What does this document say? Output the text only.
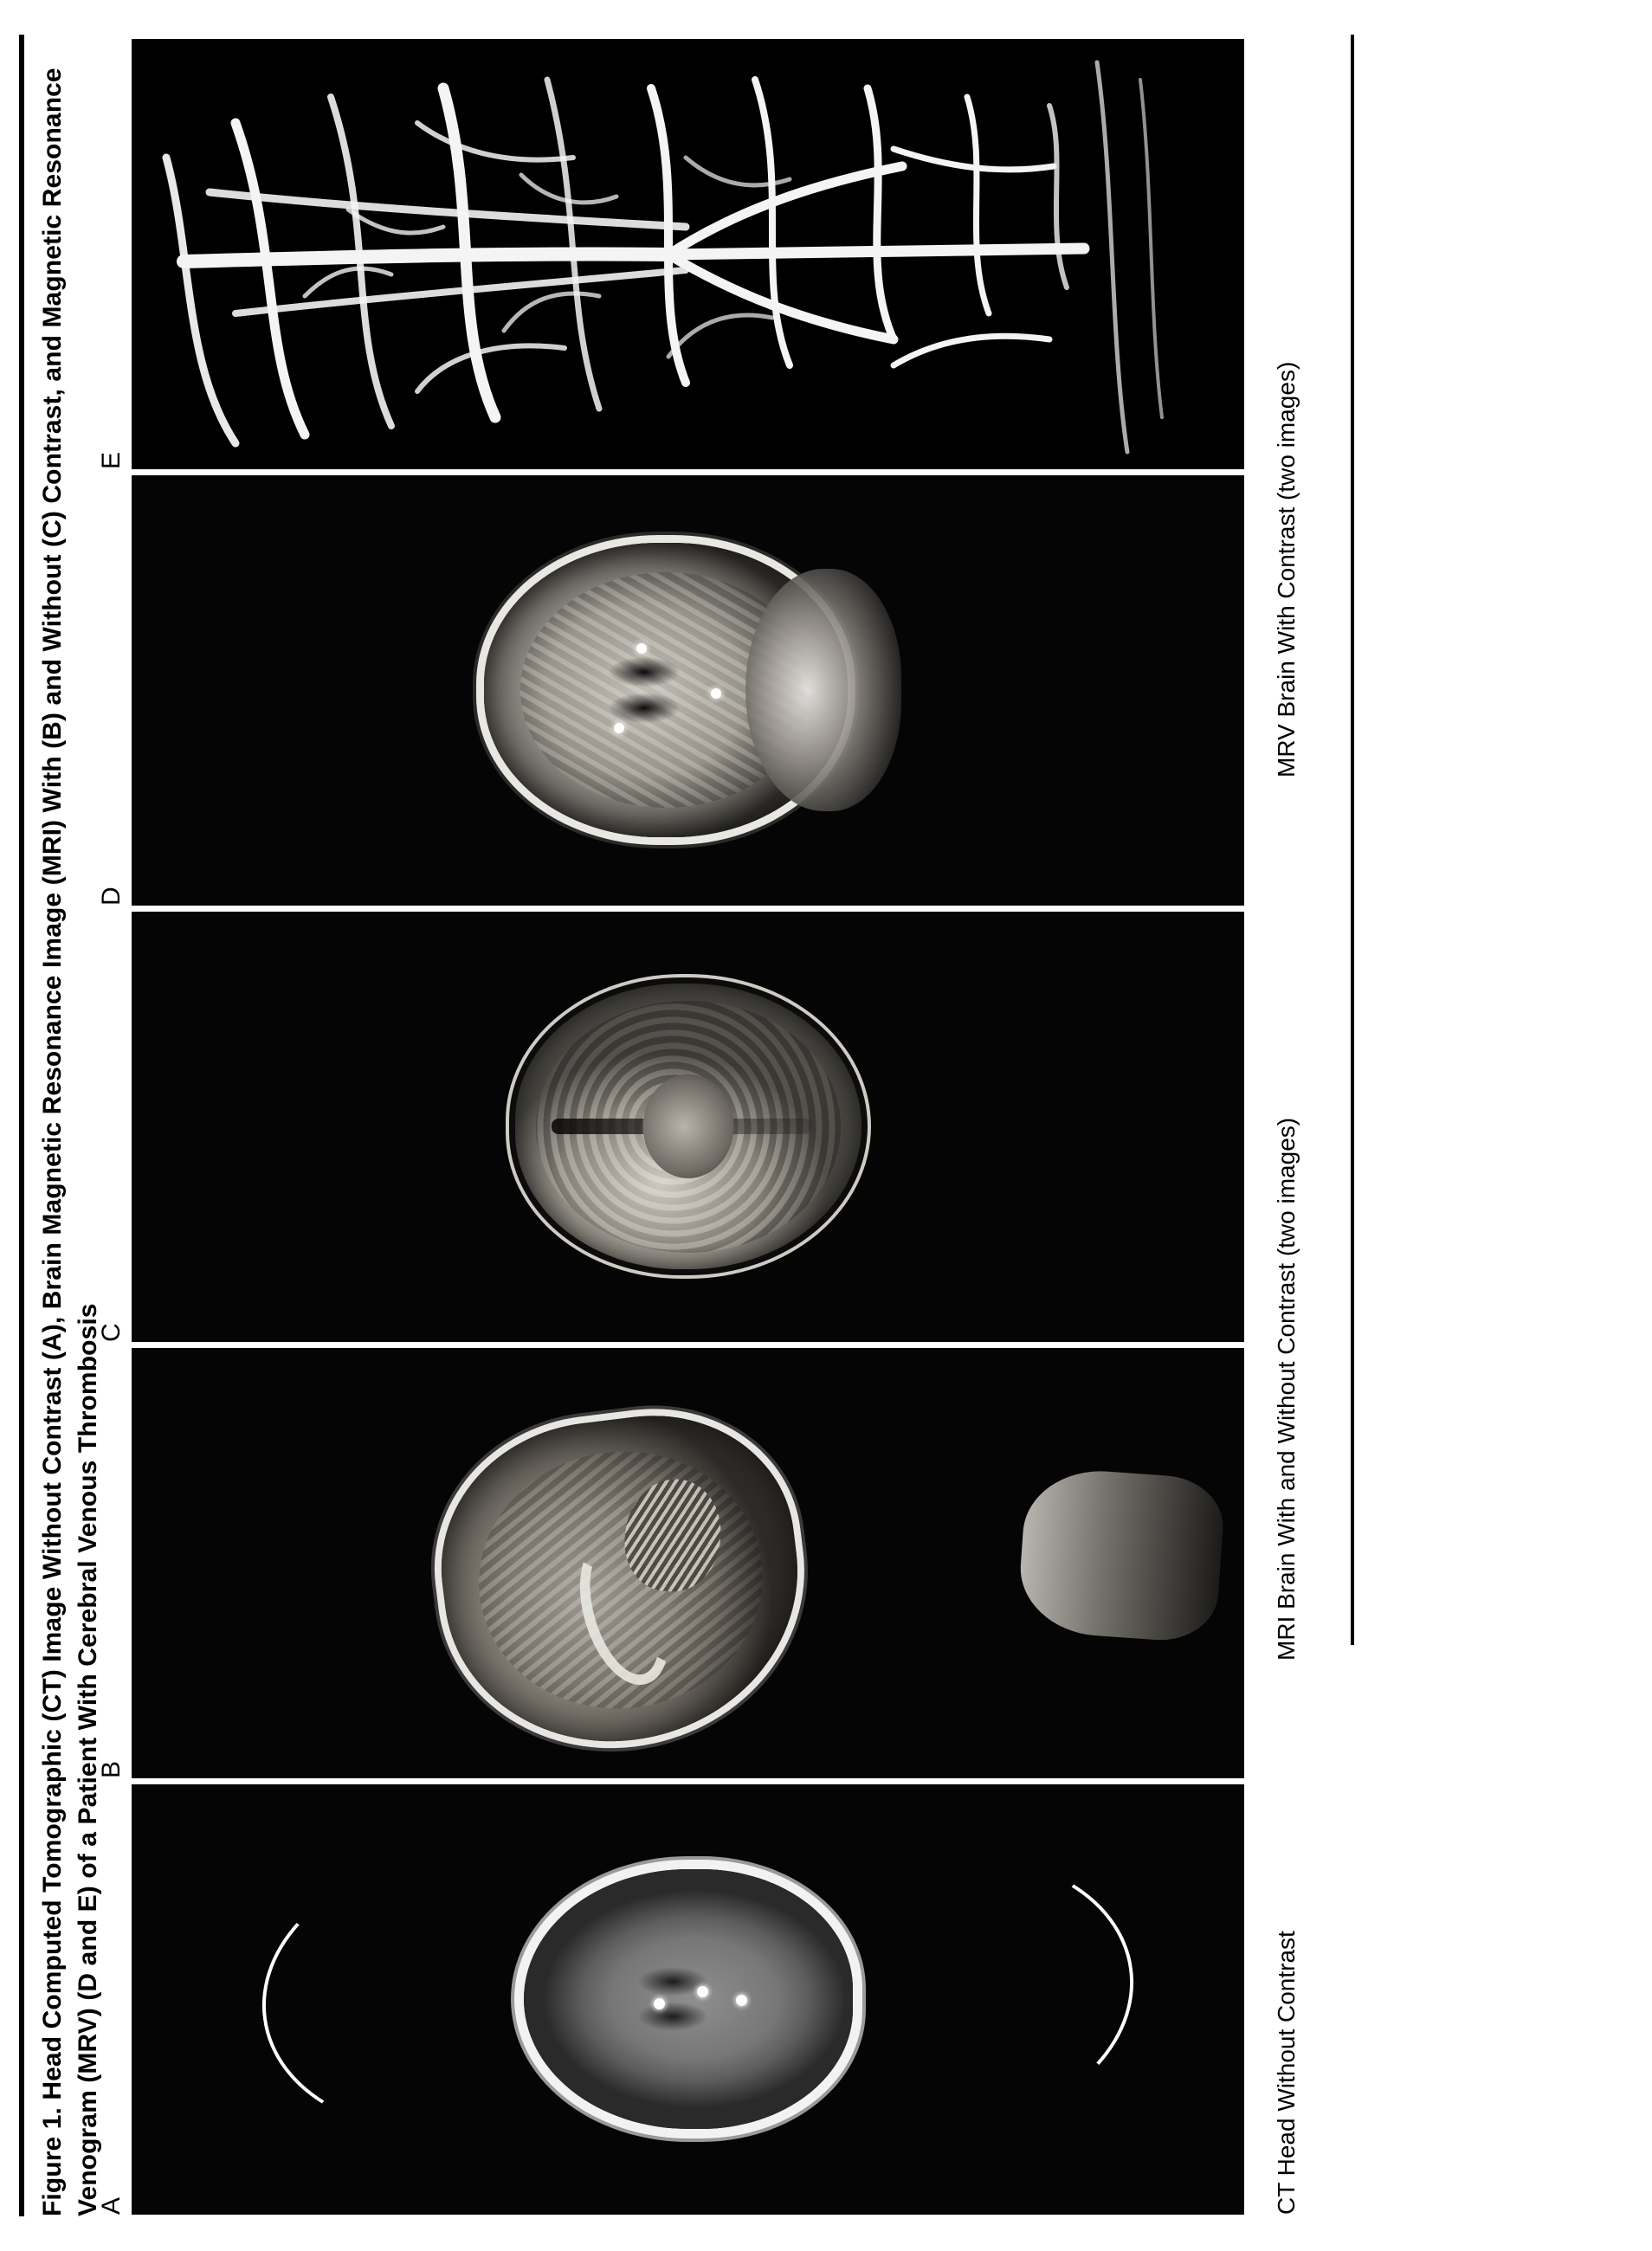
Figure 1. Head Computed Tomographic (CT) Image Without Contrast (A), Brain Magnetic Resonance Image (MRI) With (B) and Without (C) Contrast, and Magnetic Resonance Venogram (MRV) (D and E) of a Patient With Cerebral Venous Thrombosis
A
B
C
D
E
CT Head Without Contrast
MRI Brain With and Without Contrast (two images)
MRV Brain With Contrast (two images)
